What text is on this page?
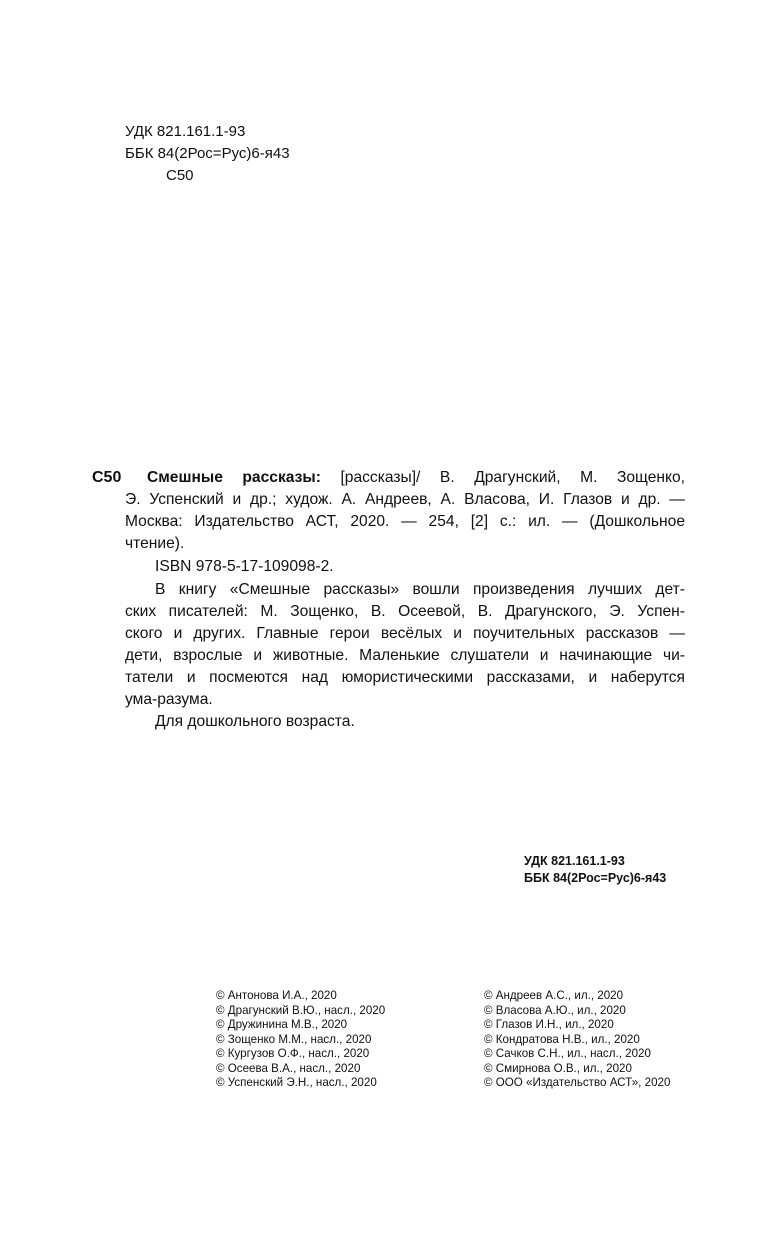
УДК 821.161.1-93
ББК 84(2Рос=Рус)6-я43
С50
С50 Смешные рассказы: [рассказы]/ В. Драгунский, М. Зощенко,
Э. Успенский и др.; худож. А. Андреев, А. Власова, И. Глазов и др. —
Москва: Издательство АСТ, 2020. — 254, [2] с.: ил. — (Дошкольное
чтение).
ISBN 978-5-17-109098-2.
В книгу «Смешные рассказы» вошли произведения лучших дет-
ских писателей: М. Зощенко, В. Осеевой, В. Драгунского, Э. Успен-
ского и других. Главные герои весёлых и поучительных рассказов —
дети, взрослые и животные. Маленькие слушатели и начинающие чи-
татели и посмеются над юмористическими рассказами, и наберутся
ума-разума.
Для дошкольного возраста.
УДК 821.161.1-93
ББК 84(2Рос=Рус)6-я43
© Антонова И.А., 2020
© Драгунский В.Ю., насл., 2020
© Дружинина М.В., 2020
© Зощенко М.М., насл., 2020
© Кургузов О.Ф., насл., 2020
© Осеева В.А., насл., 2020
© Успенский Э.Н., насл., 2020
© Андреев А.С., ил., 2020
© Власова А.Ю., ил., 2020
© Глазов И.Н., ил., 2020
© Кондратова Н.В., ил., 2020
© Сачков С.Н., ил., насл., 2020
© Смирнова О.В., ил., 2020
© ООО «Издательство АСТ», 2020
